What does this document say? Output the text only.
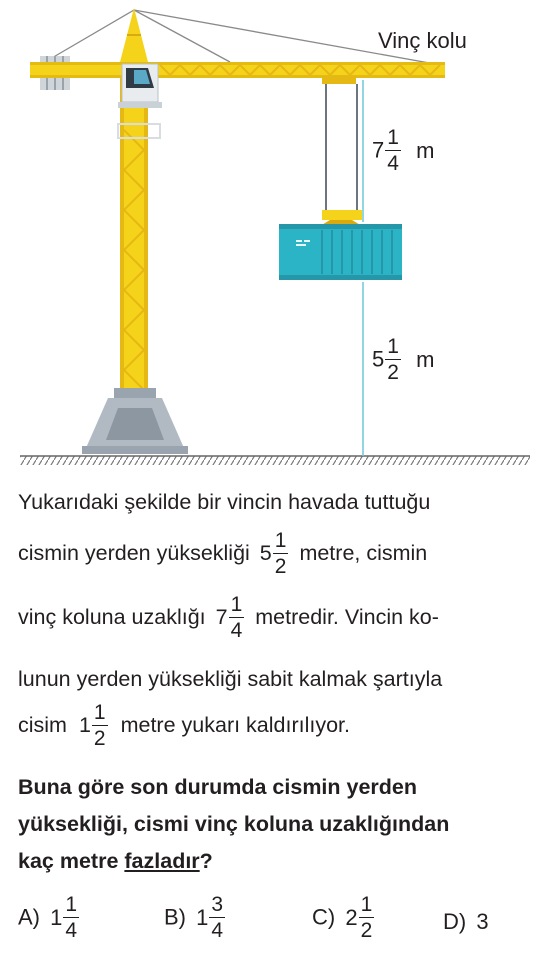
Vinç kolu
$7 \frac{1}{4}$ m
$5 \frac{1}{2}$ m
Yukarıdaki şekilde bir vincin havada tuttuğu
cismin yerden yüksekliği $5 \frac{1}{2}$ metre, cismin
vinç koluna uzaklığı $7 \frac{1}{4}$ metredir. Vincin ko-
lunun yerden yüksekliği sabit kalmak şartıyla
cisim $1 \frac{1}{2}$ metre yukarı kaldırılıyor.
Buna göre son durumda cismin yerden
yüksekliği, cismi vinç koluna uzaklığından
kaç metre fazladır?
A) $1 \frac{1}{4}$	B) $1 \frac{3}{4}$	C) $2 \frac{1}{2}$	D) 3
